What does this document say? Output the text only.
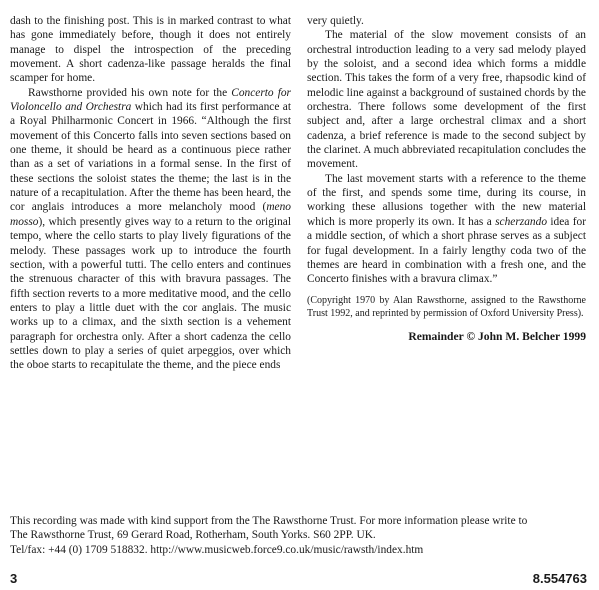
dash to the finishing post. This is in marked contrast to what has gone immediately before, though it does not entirely manage to dispel the introspection of the preceding movement. A short cadenza-like passage heralds the final scamper for home.

Rawsthorne provided his own note for the Concerto for Violoncello and Orchestra which had its first performance at a Royal Philharmonic Concert in 1966. “Although the first movement of this Concerto falls into seven sections based on one theme, it should be heard as a continuous piece rather than as a set of variations in a formal sense. In the first of these sections the soloist states the theme; the last is in the nature of a recapitulation. After the theme has been heard, the cor anglais introduces a more melancholy mood (meno mosso), which presently gives way to a return to the original tempo, where the cello starts to play lively figurations of the melody. These passages work up to introduce the fourth section, with a powerful tutti. The cello enters and continues the strenuous character of this with bravura passages. The fifth section reverts to a more meditative mood, and the cello enters to play a little duet with the cor anglais. The music works up to a climax, and the sixth section is a vehement paragraph for orchestra only. After a short cadenza the cello settles down to play a series of quiet arpeggios, over which the oboe starts to recapitulate the theme, and the piece ends

very quietly.

The material of the slow movement consists of an orchestral introduction leading to a very sad melody played by the soloist, and a second idea which forms a middle section. This takes the form of a very free, rhapsodic kind of melodic line against a background of sustained chords by the orchestra. There follows some development of the first subject and, after a large orchestral climax and a short cadenza, a brief reference is made to the second subject by the clarinet. A much abbreviated recapitulation concludes the movement.

The last movement starts with a reference to the theme of the first, and spends some time, during its course, in working these allusions together with the new material which is more properly its own. It has a scherzando idea for a middle section, of which a short phrase serves as a subject for fugal development. In a fairly lengthy coda two of the themes are heard in combination with a fresh one, and the Concerto finishes with a bravura climax.”

(Copyright 1970 by Alan Rawsthorne, assigned to the Rawsthorne Trust 1992, and reprinted by permission of Oxford University Press).

Remainder © John M. Belcher 1999

This recording was made with kind support from the The Rawsthorne Trust. For more information please write to
The Rawsthorne Trust, 69 Gerard Road, Rotherham, South Yorks. S60 2PP. UK.
Tel/fax: +44 (0) 1709 518832. http://www.musicweb.force9.co.uk/music/rawsth/index.htm
3	8.554763
